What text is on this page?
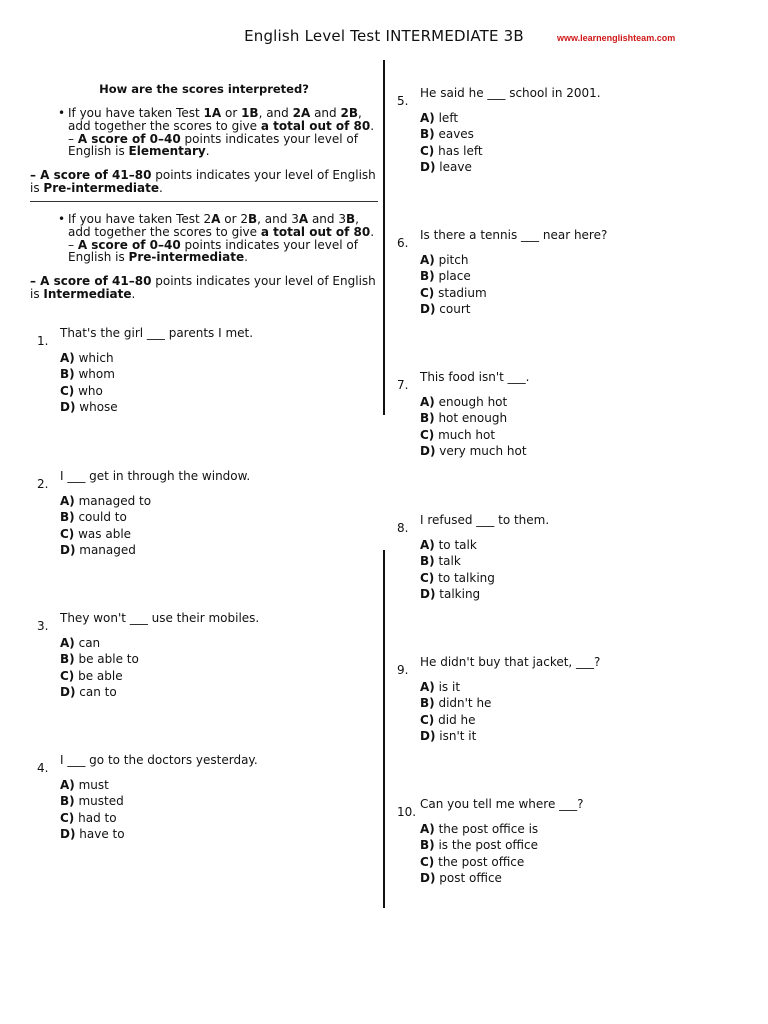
English Level Test INTERMEDIATE 3B	www.learnenglishteam.com
How are the scores interpreted?
• If you have taken Test 1A or 1B, and 2A and 2B, add together the scores to give a total out of 80. – A score of 0–40 points indicates your level of English is Elementary.
– A score of 41–80 points indicates your level of English is Pre-intermediate.
• If you have taken Test 2A or 2B, and 3A and 3B, add together the scores to give a total out of 80. – A score of 0–40 points indicates your level of English is Pre-intermediate.
– A score of 41–80 points indicates your level of English is Intermediate.
1.
That's the girl ___ parents I met.
A) which
B) whom
C) who
D) whose
2.
I ___ get in through the window.
A) managed to
B) could to
C) was able
D) managed
3.
They won't ___ use their mobiles.
A) can
B) be able to
C) be able
D) can to
4.
I ___ go to the doctors yesterday.
A) must
B) musted
C) had to
D) have to
5.
He said he ___ school in 2001.
A) left
B) eaves
C) has left
D) leave
6.
Is there a tennis ___ near here?
A) pitch
B) place
C) stadium
D) court
7.
This food isn't ___.
A) enough hot
B) hot enough
C) much hot
D) very much hot
8.
I refused ___ to them.
A) to talk
B) talk
C) to talking
D) talking
9.
He didn't buy that jacket, ___?
A) is it
B) didn't he
C) did he
D) isn't it
10.
Can you tell me where ___?
A) the post office is
B) is the post office
C) the post office
D) post office
